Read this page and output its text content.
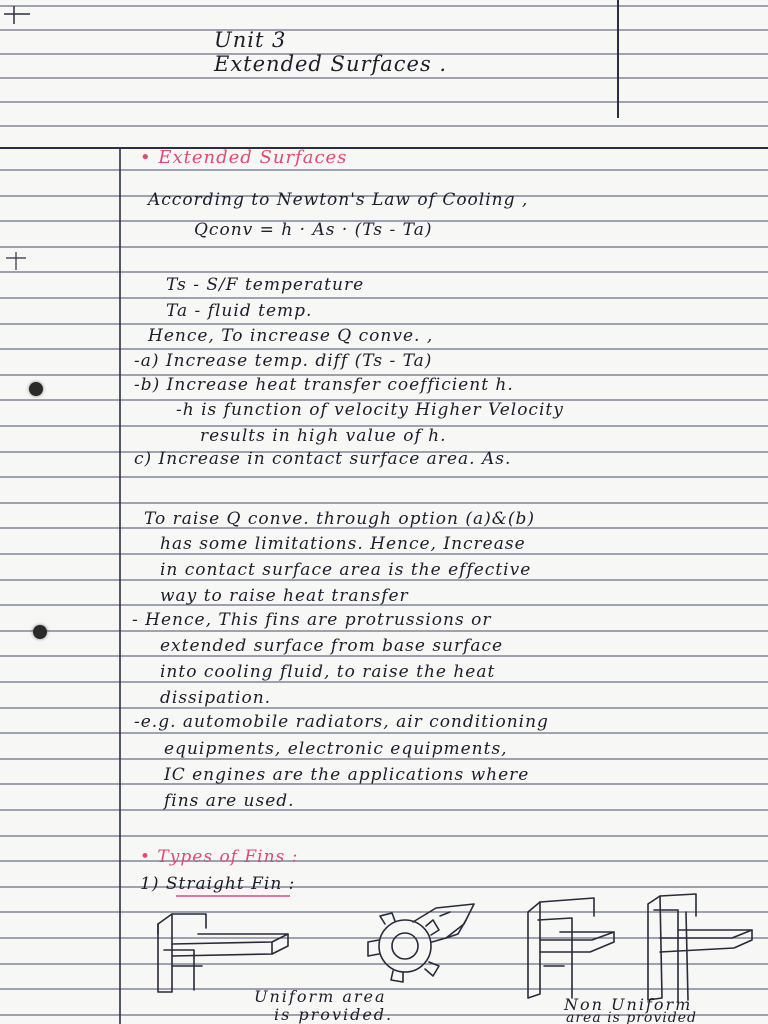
Unit 3
Extended Surfaces .
• Extended Surfaces
According to Newton's Law of Cooling ,
Qconv = h · As · (Ts - Ta)
Ts - S/F temperature
Ta - fluid temp.
Hence, To increase Q conve. ,
-a) Increase temp. diff (Ts - Ta)
-b) Increase heat transfer coefficient h.
-h is function of velocity Higher Velocity
results in high value of h.
c) Increase in contact surface area. As.
To raise Q conve. through option (a)&(b)
has some limitations. Hence, Increase
in contact surface area is the effective
way to raise heat transfer
- Hence, This fins are protrussions or
extended surface from base surface
into cooling fluid, to raise the heat
dissipation.
-e.g. automobile radiators, air conditioning
equipments, electronic equipments,
IC engines are the applications where
fins are used.
• Types of Fins :
1) Straight Fin :
Uniform area
is provided.
Non Uniform
area is provided
